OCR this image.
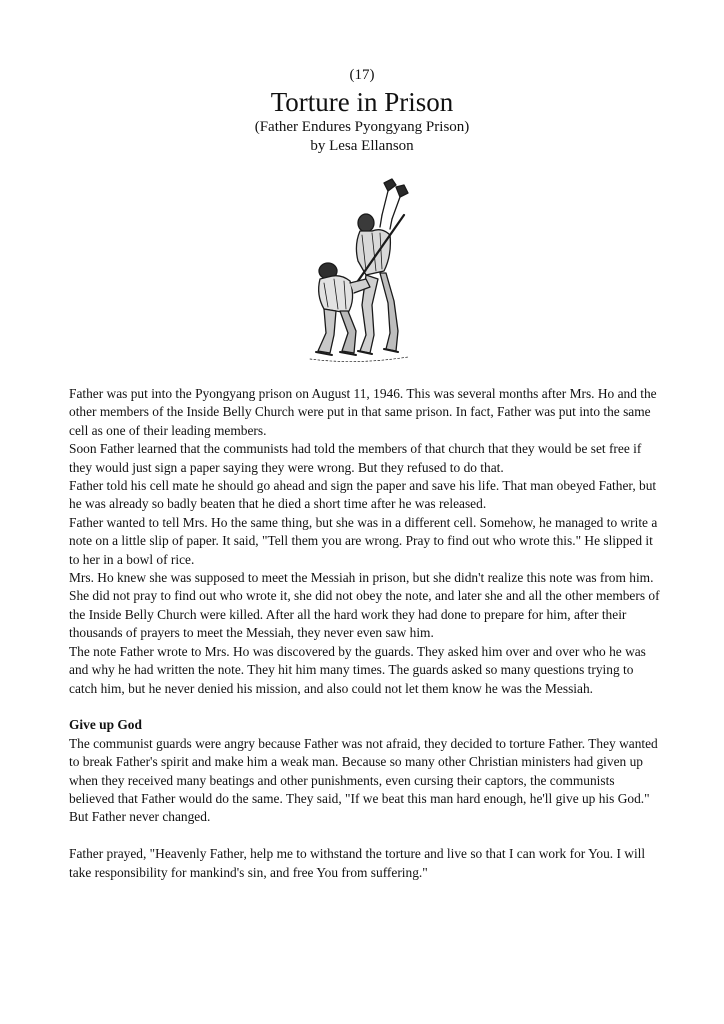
(17)
Torture in Prison
(Father Endures Pyongyang Prison)
by Lesa Ellanson

Father was put into the Pyongyang prison on August 11, 1946. This was several months after Mrs. Ho and the other members of the Inside Belly Church were put in that same prison. In fact, Father was put into the same cell as one of their leading members.

Soon Father learned that the communists had told the members of that church that they would be set free if they would just sign a paper saying they were wrong. But they refused to do that.

Father told his cell mate he should go ahead and sign the paper and save his life. That man obeyed Father, but he was already so badly beaten that he died a short time after he was released.

Father wanted to tell Mrs. Ho the same thing, but she was in a different cell. Somehow, he managed to write a note on a little slip of paper. It said, "Tell them you are wrong. Pray to find out who wrote this." He slipped it to her in a bowl of rice.

Mrs. Ho knew she was supposed to meet the Messiah in prison, but she didn't realize this note was from him. She did not pray to find out who wrote it, she did not obey the note, and later she and all the other members of the Inside Belly Church were killed. After all the hard work they had done to prepare for him, after their thousands of prayers to meet the Messiah, they never even saw him.

The note Father wrote to Mrs. Ho was discovered by the guards. They asked him over and over who he was and why he had written the note. They hit him many times. The guards asked so many questions trying to catch him, but he never denied his mission, and also could not let them know he was the Messiah.

Give up God

The communist guards were angry because Father was not afraid, they decided to torture Father. They wanted to break Father's spirit and make him a weak man. Because so many other Christian ministers had given up when they received many beatings and other punishments, even cursing their captors, the communists believed that Father would do the same. They said, "If we beat this man hard enough, he'll give up his God."

But Father never changed.

Father prayed, "Heavenly Father, help me to withstand the torture and live so that I can work for You. I will take responsibility for mankind's sin, and free You from suffering."
